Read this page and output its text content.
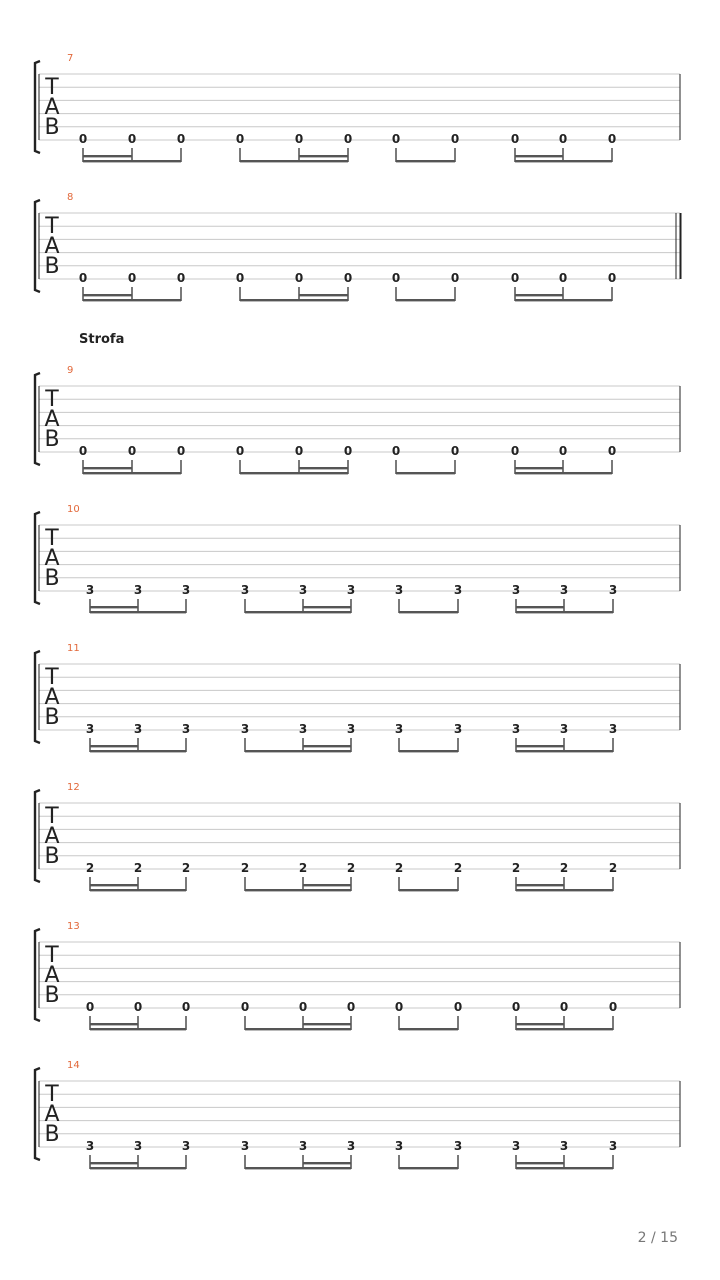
T
A
B
7
0	0	0	0	0	0	0	0	0	0	0
T
A
B
8
0	0	0	0	0	0	0	0	0	0	0
T
A
B
9
0	0	0	0	0	0	0	0	0	0	0
T
A
B
10
3	3	3	3	3	3	3	3	3	3	3
T
A
B
11
3	3	3	3	3	3	3	3	3	3	3
T
A
B
12
2	2	2	2	2	2	2	2	2	2	2
T
A
B
13
0	0	0	0	0	0	0	0	0	0	0
T
A
B
14
3	3	3	3	3	3	3	3	3	3	3

Strofa

2 / 15
